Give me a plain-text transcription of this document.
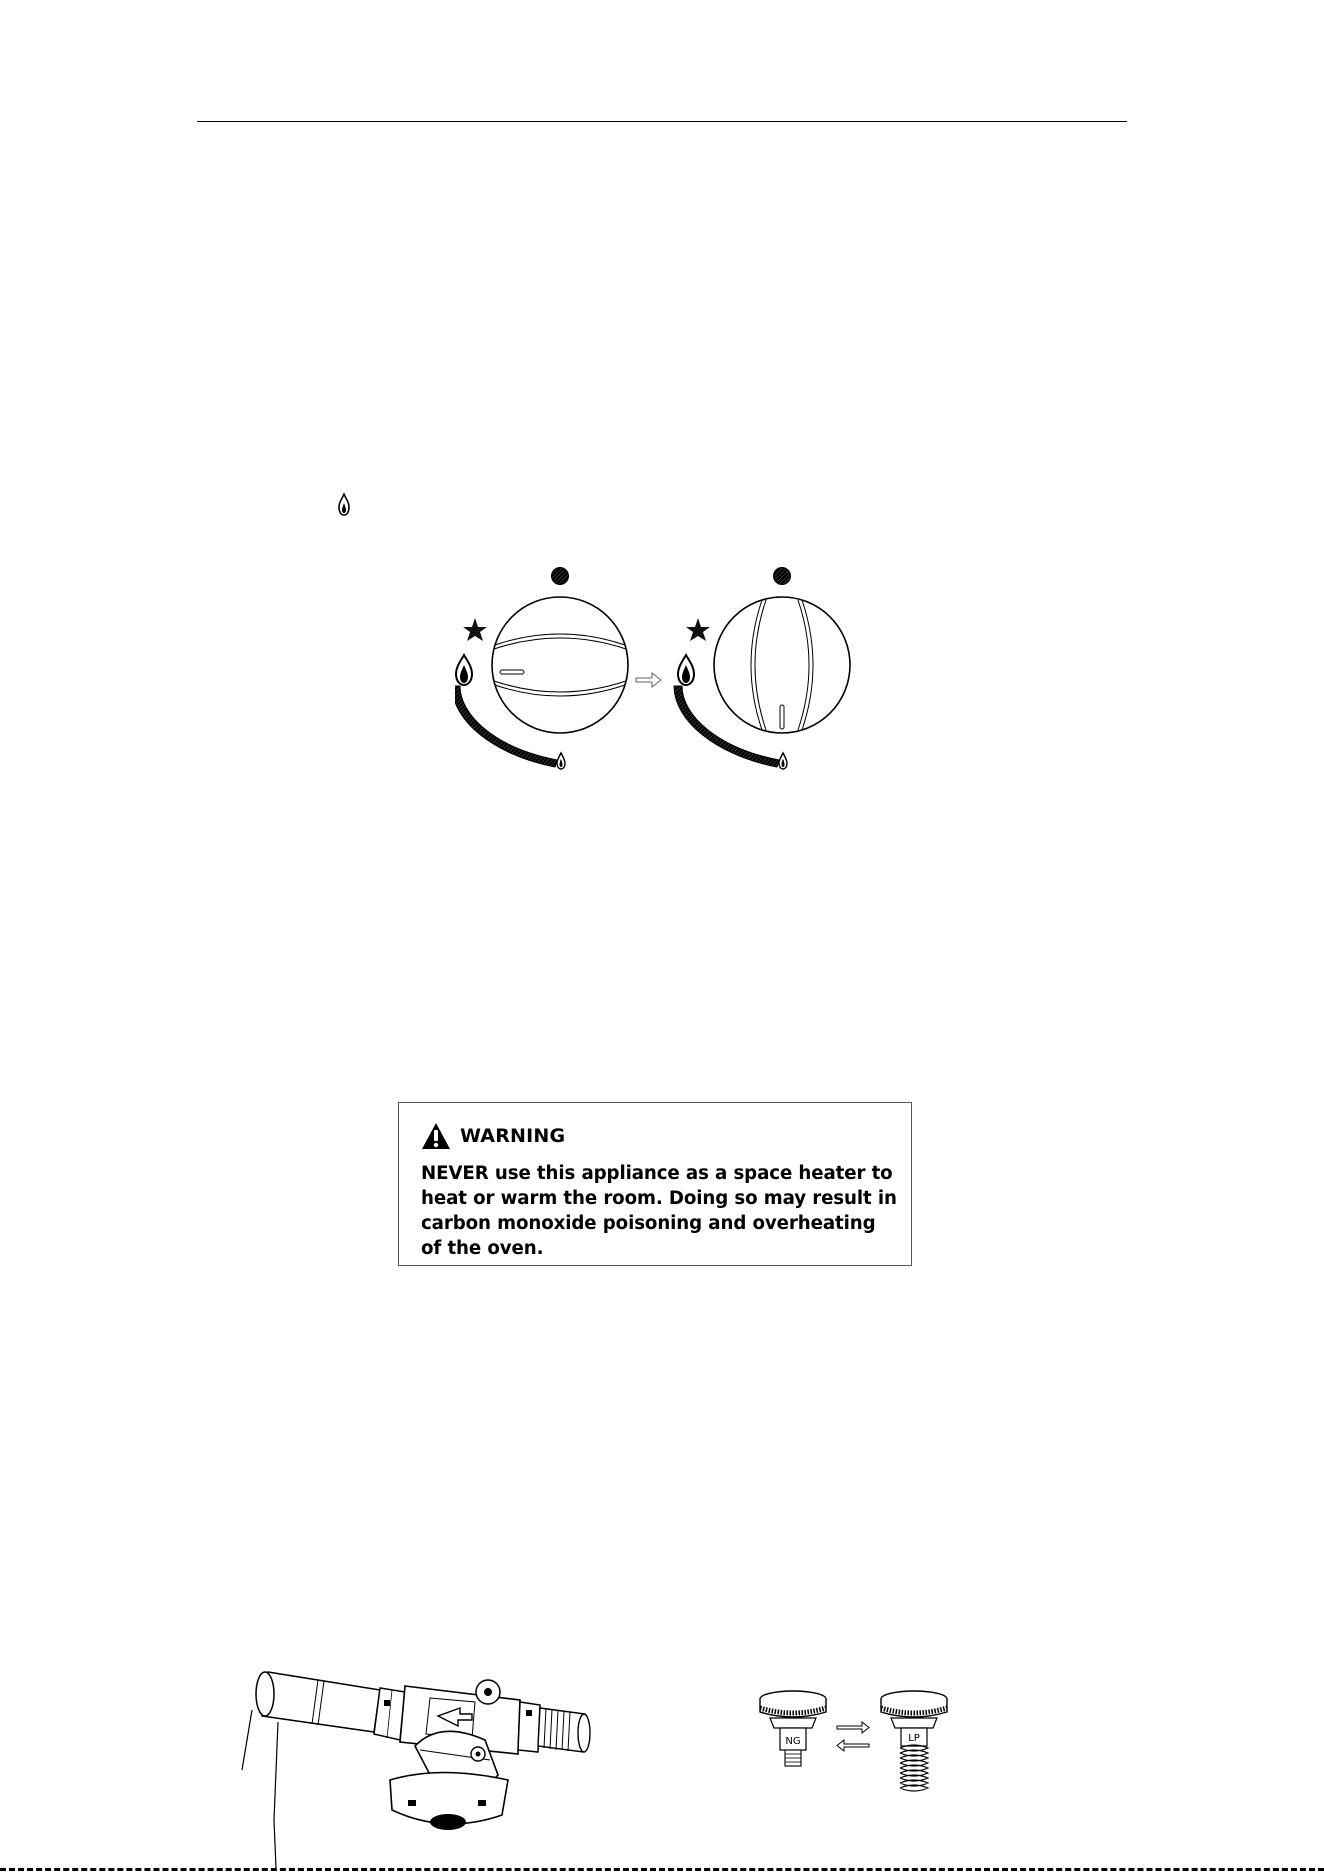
WARNING
NEVER use this appliance as a space heater to heat or warm the room. Doing so may result in carbon monoxide poisoning and overheating of the oven.
NG	LP
